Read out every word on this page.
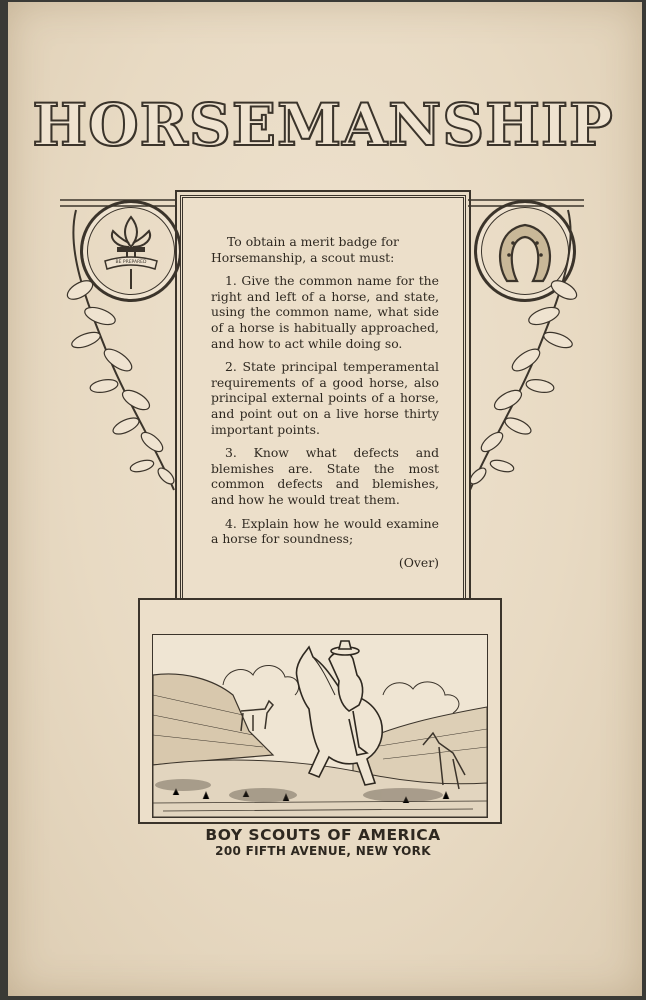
HORSEMANSHIP
BE PREPARED

To obtain a merit badge for Horsemanship, a scout must:

1. Give the common name for the right and left of a horse, and state, using the common name, what side of a horse is habitually approached, and how to act while doing so.

2. State principal temperamental requirements of a good horse, also principal external points of a horse, and point out on a live horse thirty important points.

3. Know what defects and blemishes are. State the most common defects and blemishes, and how he would treat them.

4. Explain how he would examine a horse for soundness;

(Over)

BOY SCOUTS OF AMERICA
200 FIFTH AVENUE, NEW YORK
